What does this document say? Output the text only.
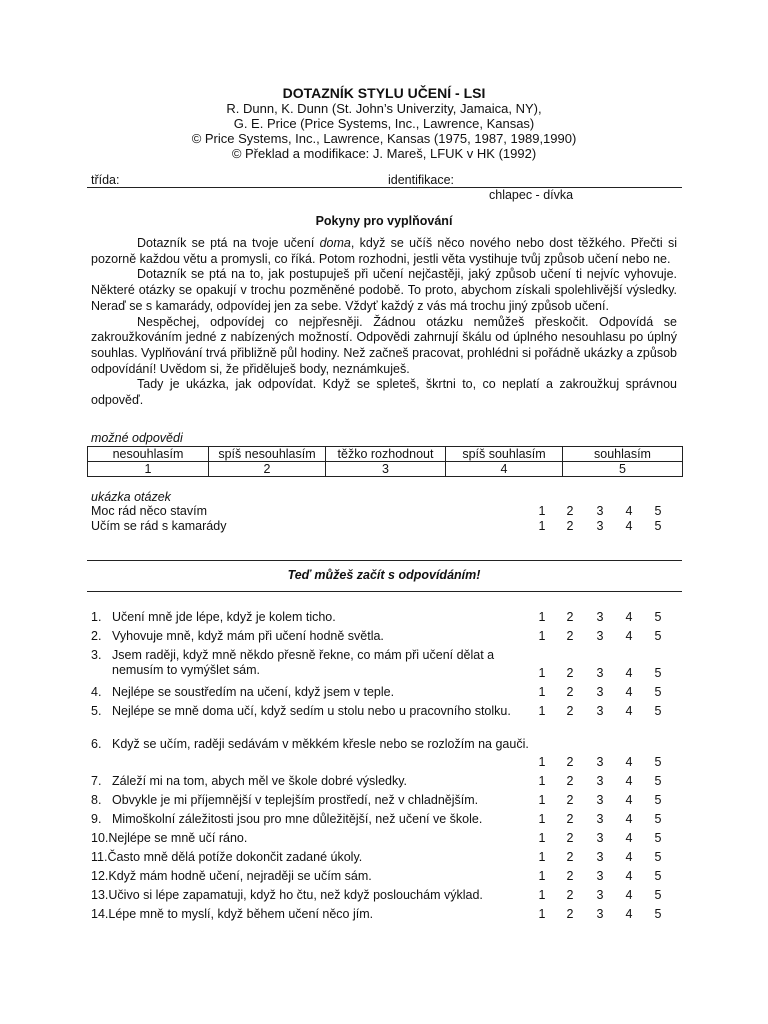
DOTAZNÍK STYLU UČENÍ - LSI
R. Dunn, K. Dunn (St. John’s Univerzity, Jamaica, NY),
G. E. Price (Price Systems, Inc., Lawrence, Kansas)
© Price Systems, Inc., Lawrence, Kansas (1975, 1987, 1989,1990)
© Překlad a modifikace: J. Mareš, LFUK v HK (1992)
třída:	identifikace:
chlapec - dívka
Pokyny pro vyplňování

Dotazník se ptá na tvoje učení doma, když se učíš něco nového nebo dost těžkého. Přečti si pozorně každou větu a promysli, co říká. Potom rozhodni, jestli věta vystihuje tvůj způsob učení nebo ne.

Dotazník se ptá na to, jak postupuješ při učení nejčastěji, jaký způsob učení ti nejvíc vyhovuje. Některé otázky se opakují v trochu pozměněné podobě. To proto, abychom získali spolehlivější výsledky. Neraď se s kamarády, odpovídej jen za sebe. Vždyť každý z vás má trochu jiný způsob učení.

Nespěchej, odpovídej co nejpřesněji. Žádnou otázku nemůžeš přeskočit. Odpovídá se zakroužkováním jedné z nabízených možností. Odpovědi zahrnují škálu od úplného nesouhlasu po úplný souhlas. Vyplňování trvá přibližně půl hodiny. Než začneš pracovat, prohlédni si pořádně ukázky a způsob odpovídání! Uvědom si, že přiděluješ body, neznámkuješ.

Tady je ukázka, jak odpovídat. Když se spleteš, škrtni to, co neplatí a zakroužkuj správnou odpověď.

možné odpovědi
nesouhlasím	spíš nesouhlasím	těžko rozhodnout	spíš souhlasím	souhlasím
1	2	3	4	5
ukázka otázek
Moc rád něco stavím	1 2 3 4 5
Učím se rád s kamarády	1 2 3 4 5
Teď můžeš začít s odpovídáním!
1. Učení mně jde lépe, když je kolem ticho.	1 2 3 4 5
2. Vyhovuje mně, když mám při učení hodně světla.	1 2 3 4 5
3. Jsem raději, když mně někdo přesně řekne, co mám při učení dělat a nemusím to vymýšlet sám.	1 2 3 4 5
4. Nejlépe se soustředím na učení, když jsem v teple.	1 2 3 4 5
5. Nejlépe se mně doma učí, když sedím u stolu nebo u pracovního stolku.	1 2 3 4 5
6. Když se učím, raději sedávám v měkkém křesle nebo se rozložím na gauči.
1 2 3 4 5
7. Záleží mi na tom, abych měl ve škole dobré výsledky.	1 2 3 4 5
8. Obvykle je mi příjemnější v teplejším prostředí, než v chladnějším.	1 2 3 4 5
9. Mimoškolní záležitosti jsou pro mne důležitější, než učení ve škole.	1 2 3 4 5
10.Nejlépe se mně učí ráno.	1 2 3 4 5
11.Často mně dělá potíže dokončit zadané úkoly.	1 2 3 4 5
12.Když mám hodně učení, nejraději se učím sám.	1 2 3 4 5
13.Učivo si lépe zapamatuji, když ho čtu, než když poslouchám výklad.	1 2 3 4 5
14.Lépe mně to myslí, když během učení něco jím.	1 2 3 4 5
